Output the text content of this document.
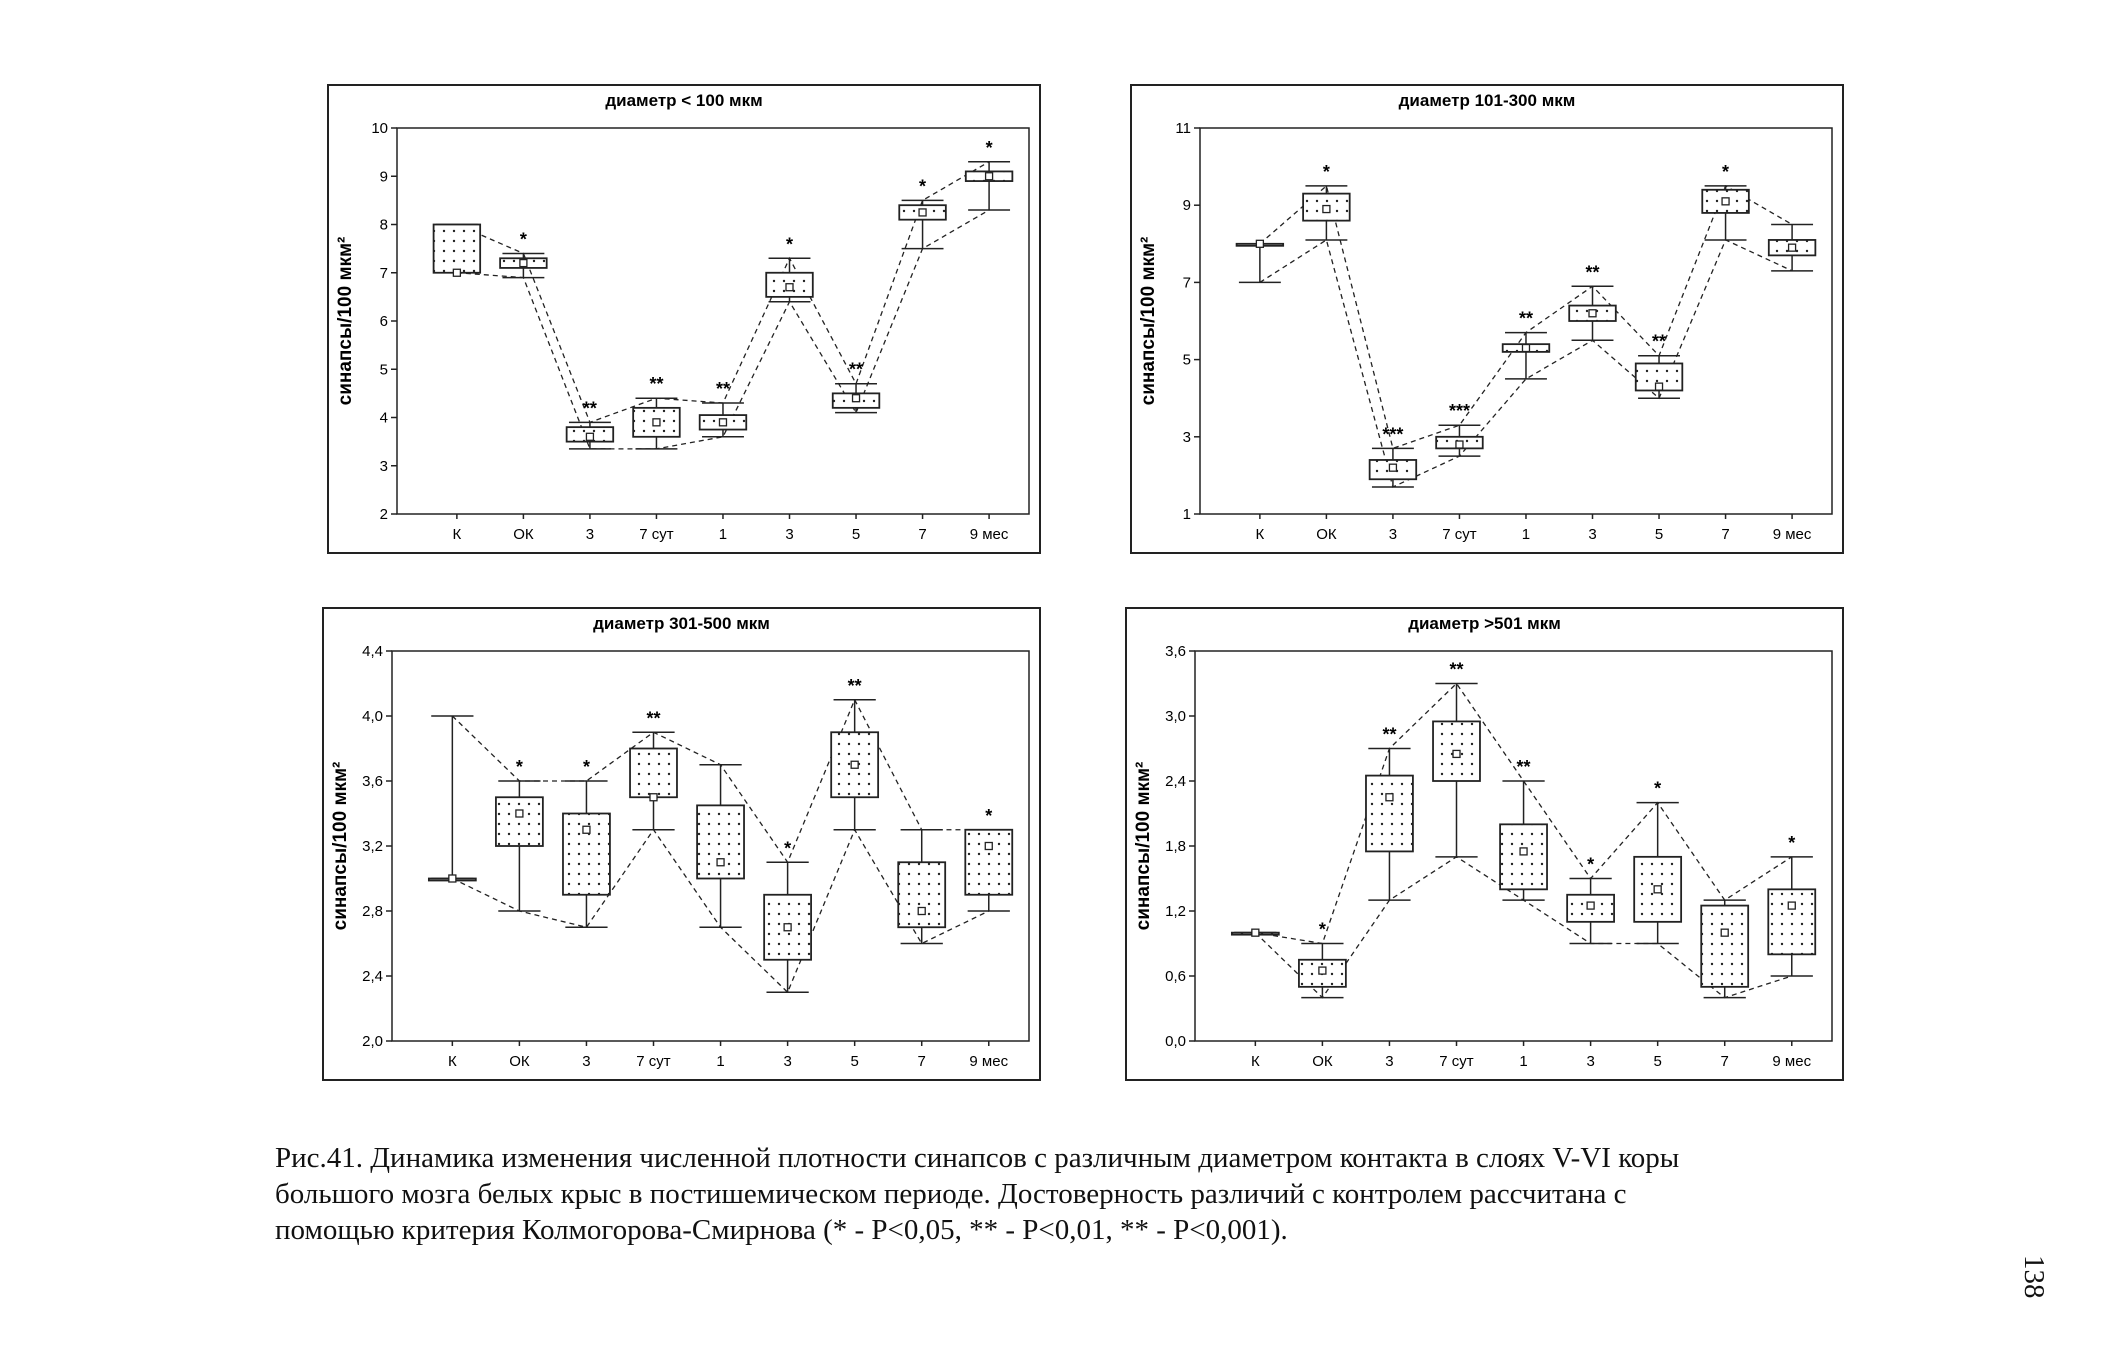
диаметр < 100 мкм
2
3
4
5
6
7
8
9
10
синапсы/100 мкм²
К	ОК	3	7 сут	1	3	5	7	9 мес
*
**
**	**
*
**
*
*
диаметр 101-300 мкм
1
3
5
7
9
11
синапсы/100 мкм²
К	ОК	3	7 сут	1	3	5	7	9 мес
*
***
***
**
**
**
*
диаметр 301-500 мкм
2,0
2,4
2,8
3,2
3,6
4,0
4,4
синапсы/100 мкм²
К	ОК	3	7 сут	1	3	5	7	9 мес
*	*
**
*
**
*
диаметр >501 мкм
0,0
0,6
1,2
1,8
2,4
3,0
3,6
синапсы/100 мкм²
К	ОК	3	7 сут	1	3	5	7	9 мес
*
**
**
**
*
*
*
Рис.41. Динамика изменения численной плотности синапсов с различным диаметром контакта в слоях V-VI коры
большого мозга белых крыс в постишемическом периоде. Достоверность различий с контролем рассчитана с
помощью критерия Колмогорова-Смирнова (* - Р<0,05, ** - Р<0,01, ** - Р<0,001).
138
